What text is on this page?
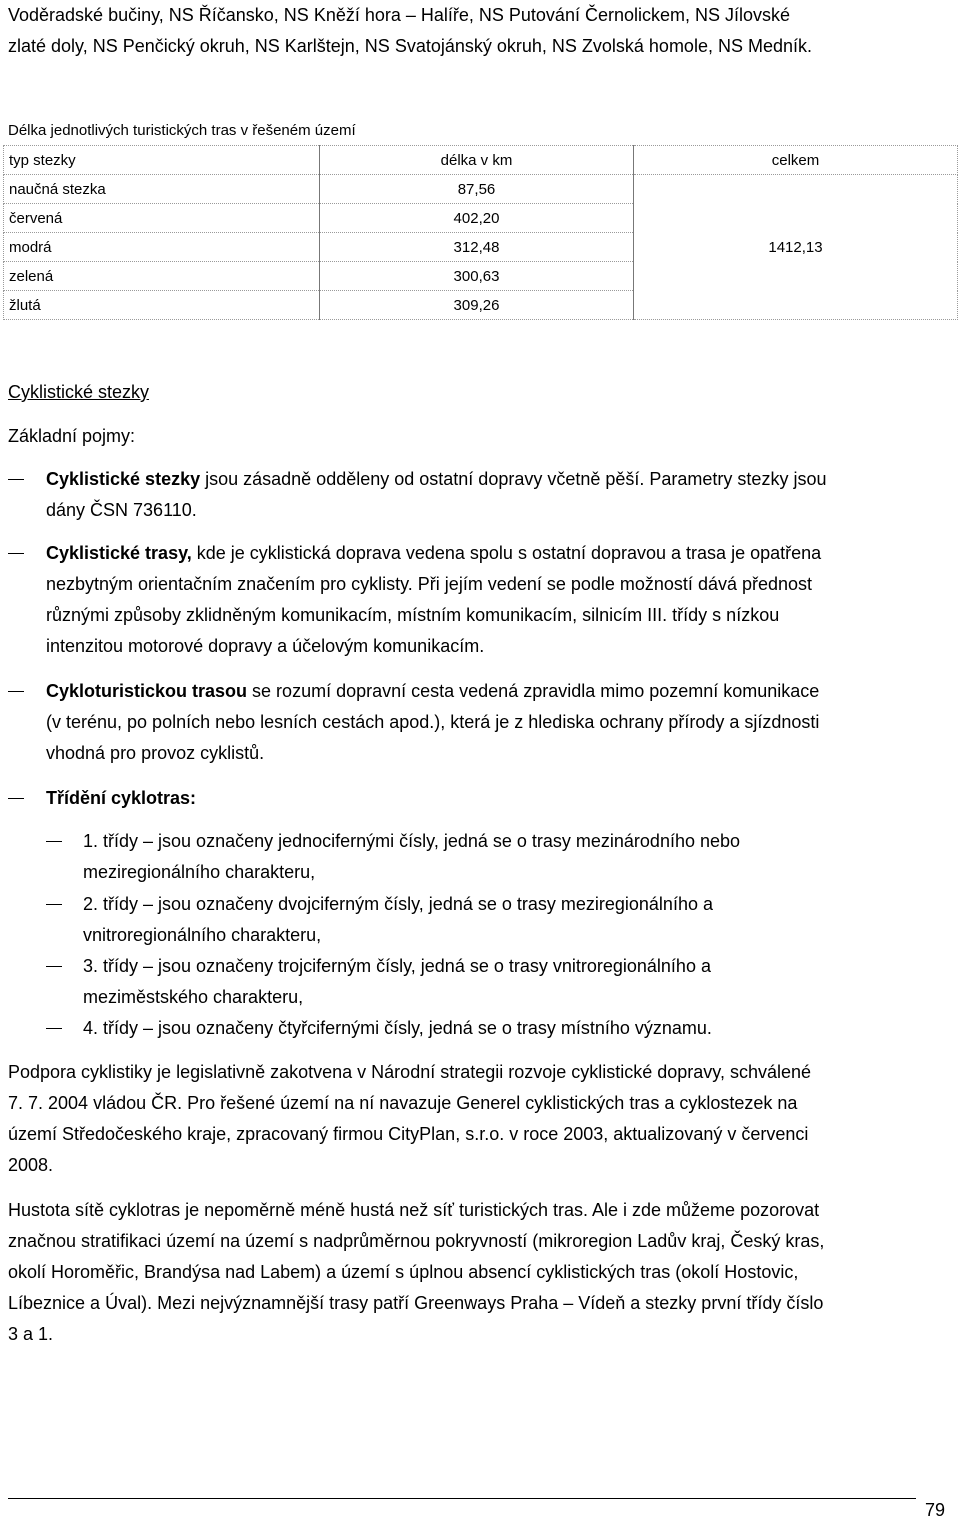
Voděradské bučiny, NS Říčansko, NS Kněží hora – Halíře, NS Putování Černolickem, NS Jílovské
zlaté doly, NS Penčický okruh, NS Karlštejn, NS Svatojánský okruh, NS Zvolská homole, NS Medník.
Délka jednotlivých turistických tras v řešeném území
typ stezky	délka v km	celkem
naučná stezka	87,56	1412,13
červená	402,20	
modrá	312,48	
zelená	300,63	
žlutá	309,26	
Cyklistické stezky
Základní pojmy:
Cyklistické stezky jsou zásadně odděleny od ostatní dopravy včetně pěší. Parametry stezky jsou
dány ČSN 736110.
Cyklistické trasy, kde je cyklistická doprava vedena spolu s ostatní dopravou a trasa je opatřena
nezbytným orientačním značením pro cyklisty. Při jejím vedení se podle možností dává přednost
různými způsoby zklidněným komunikacím, místním komunikacím, silnicím III. třídy s nízkou
intenzitou motorové dopravy a účelovým komunikacím.
Cykloturistickou trasou se rozumí dopravní cesta vedená zpravidla mimo pozemní komunikace
(v terénu, po polních nebo lesních cestách apod.), která je z hlediska ochrany přírody a sjízdnosti
vhodná pro provoz cyklistů.
Třídění cyklotras:
1. třídy – jsou označeny jednocifernými čísly, jedná se o trasy mezinárodního nebo
meziregionálního charakteru,
2. třídy – jsou označeny dvojciferným čísly, jedná se o trasy meziregionálního a
vnitroregionálního charakteru,
3. třídy – jsou označeny trojciferným čísly, jedná se o trasy vnitroregionálního a
meziměstského charakteru,
4. třídy – jsou označeny čtyřcifernými čísly, jedná se o trasy místního významu.
Podpora cyklistiky je legislativně zakotvena v Národní strategii rozvoje cyklistické dopravy, schválené
7. 7. 2004 vládou ČR. Pro řešené území na ní navazuje Generel cyklistických tras a cyklostezek na
území Středočeského kraje, zpracovaný firmou CityPlan, s.r.o. v roce 2003, aktualizovaný v červenci
2008.
Hustota sítě cyklotras je nepoměrně méně hustá než síť turistických tras. Ale i zde můžeme pozorovat
značnou stratifikaci území na území s nadprůměrnou pokryvností (mikroregion Ladův kraj, Český kras,
okolí Horoměřic, Brandýsa nad Labem) a území s úplnou absencí cyklistických tras (okolí Hostovic,
Líbeznice a Úval). Mezi nejvýznamnější trasy patří Greenways Praha – Vídeň a stezky první třídy číslo
3 a 1.
79
